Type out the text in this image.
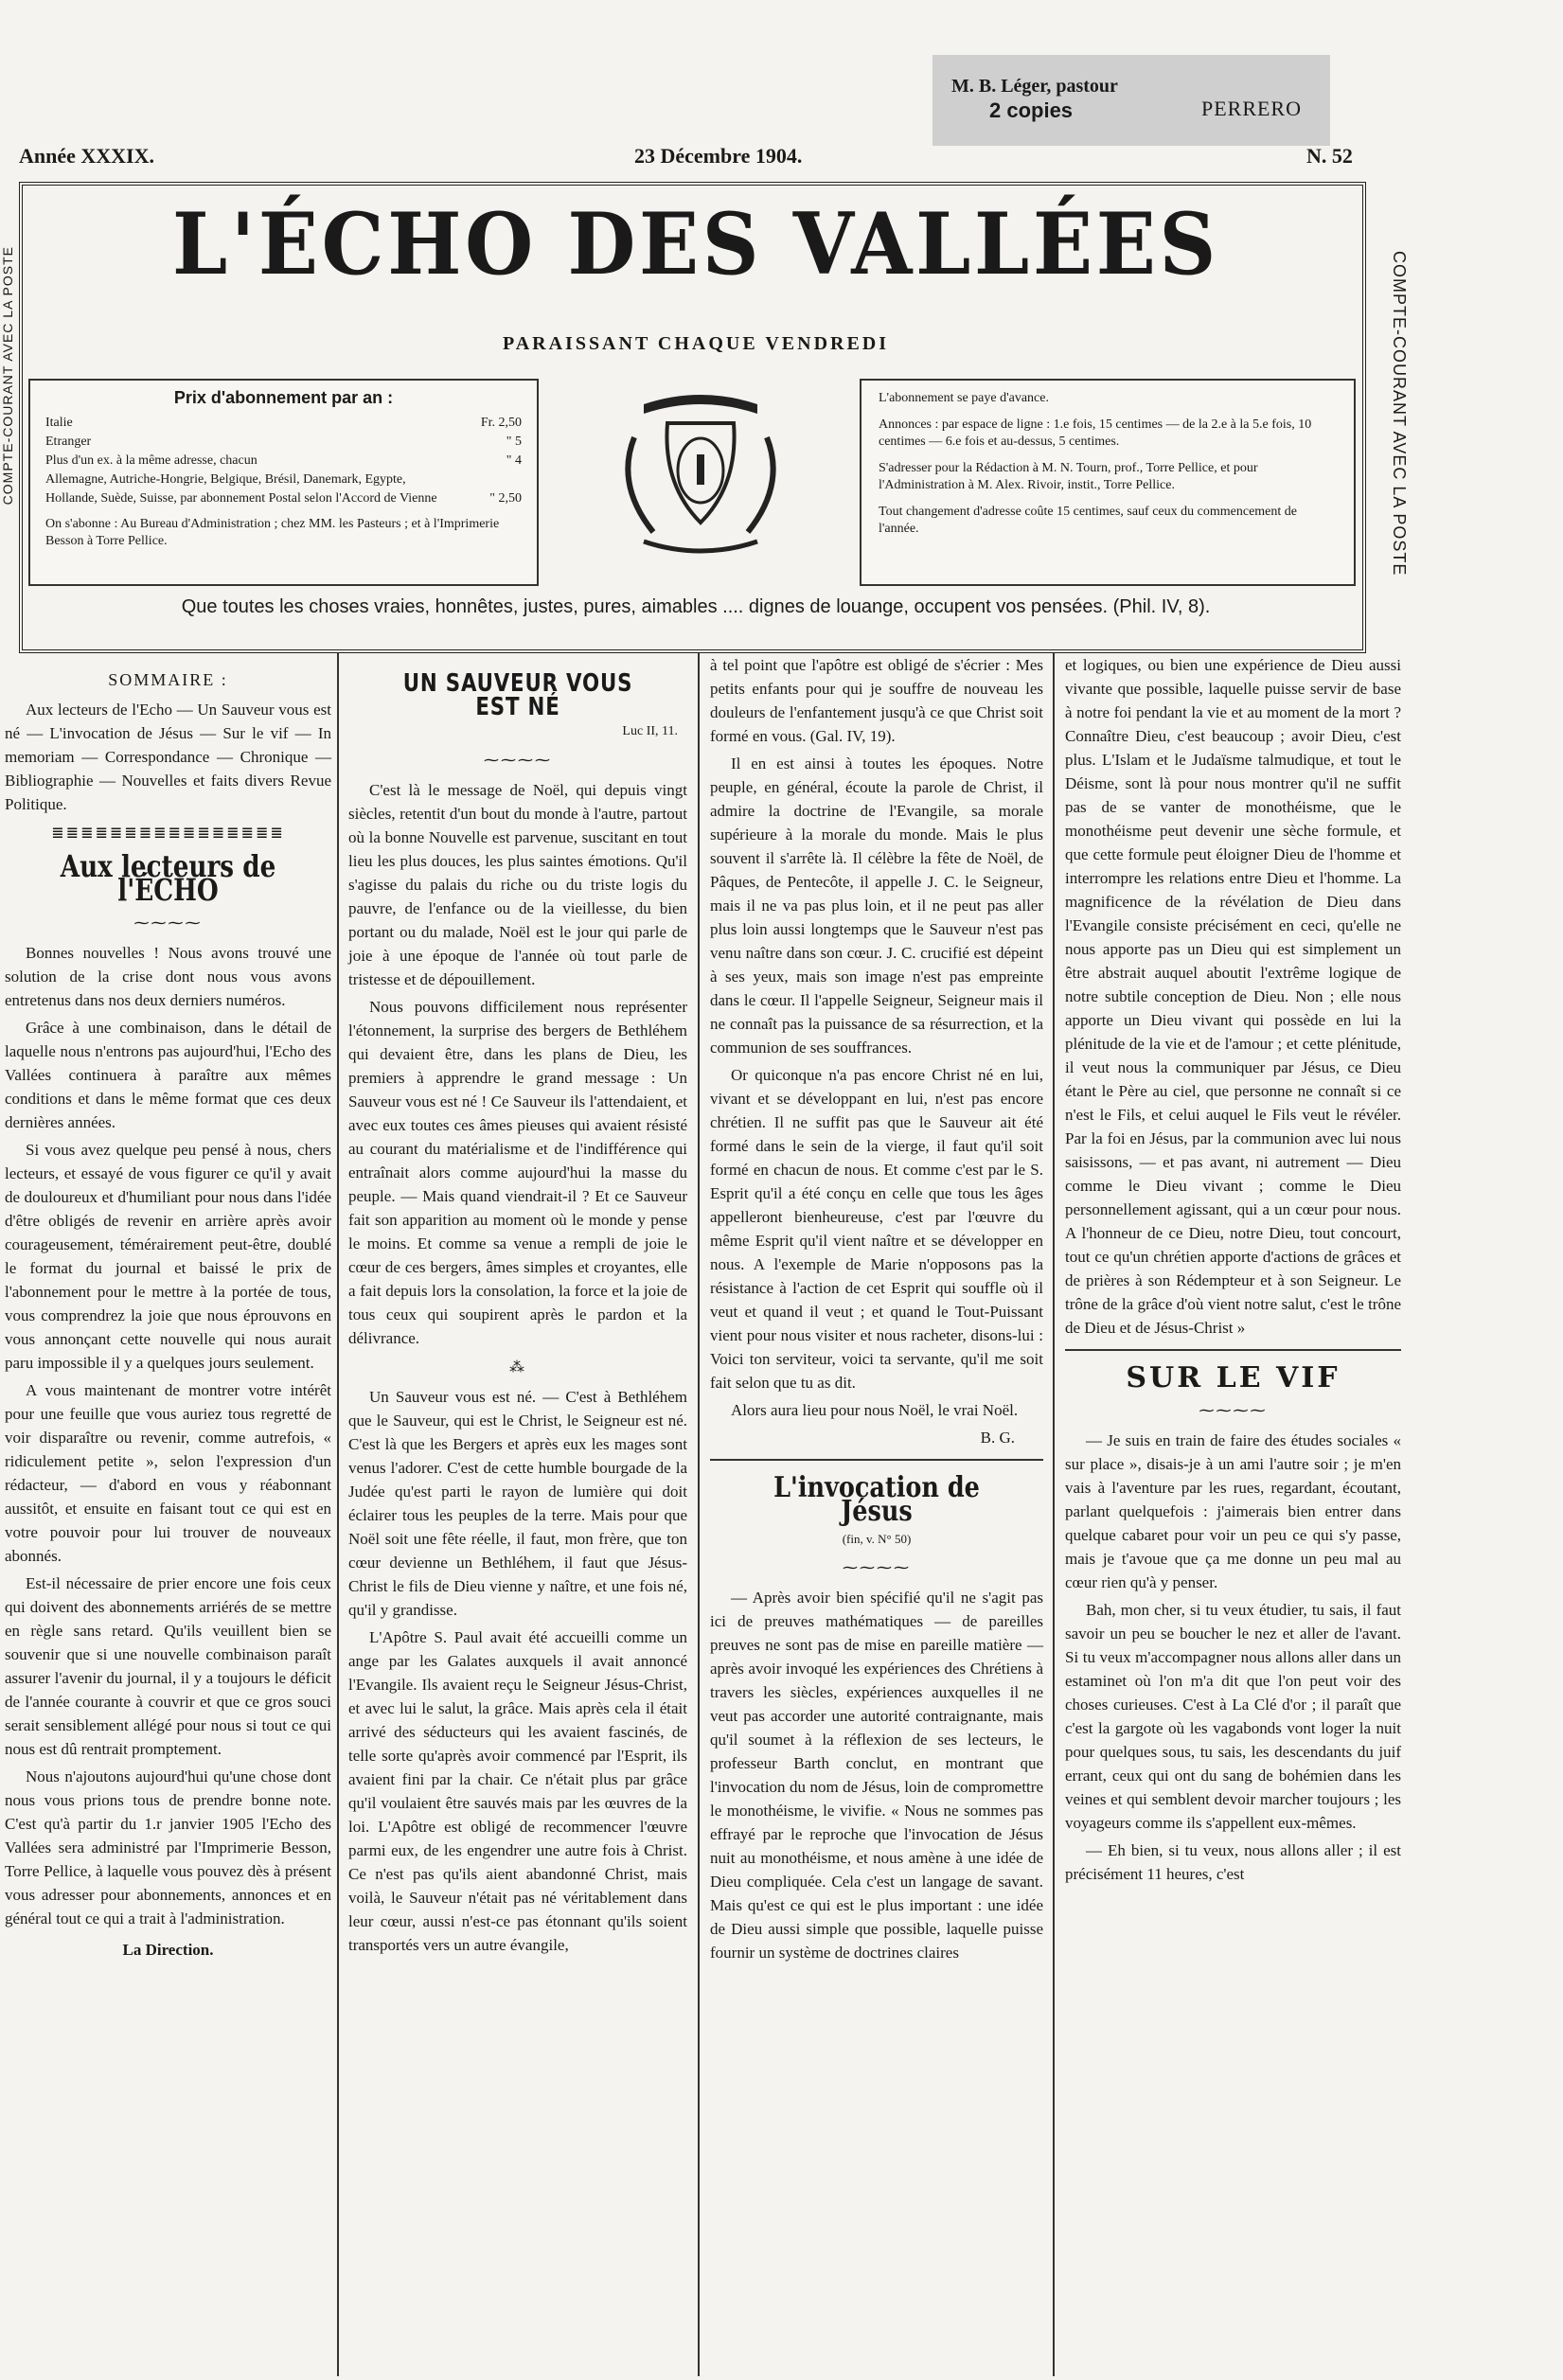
M. B. Léger, pastour
2 copies	PERRERO
Année XXXIX.	23 Décembre 1904.	N. 52
COMPTE-COURANT AVEC LA POSTE	COMPTE-COURANT AVEC LA POSTE
L'ÉCHO DES VALLÉES
PARAISSANT CHAQUE VENDREDI
Prix d'abonnement par an :
Italie	Fr. 2,50
Etranger	" 5
Plus d'un ex. à la même adresse, chacun	" 4
Allemagne, Autriche-Hongrie, Belgique, Brésil, Danemark, Egypte, Hollande, Suède, Suisse, par abonnement Postal selon l'Accord de Vienne	" 2,50
On s'abonne : Au Bureau d'Administration ; chez MM. les Pasteurs ; et à l'Imprimerie Besson à Torre Pellice.
L'abonnement se paye d'avance.
Annonces : par espace de ligne : 1.e fois, 15 centimes — de la 2.e à la 5.e fois, 10 centimes — 6.e fois et au-dessus, 5 centimes.
S'adresser pour la Rédaction à M. N. Tourn, prof., Torre Pellice, et pour l'Administration à M. Alex. Rivoir, instit., Torre Pellice.
Tout changement d'adresse coûte 15 centimes, sauf ceux du commencement de l'année.
Que toutes les choses vraies, honnêtes, justes, pures, aimables .... dignes de louange, occupent vos pensées. (Phil. IV, 8).
SOMMAIRE :

Aux lecteurs de l'Echo — Un Sauveur vous est né — L'invocation de Jésus — Sur le vif — In memoriam — Correspondance — Chronique — Bibliographie — Nouvelles et faits divers Revue Politique.

≣≣≣≣≣≣≣≣≣≣≣≣≣≣≣≣
Aux lecteurs de l'ÉCHO
⁓⁓⁓⁓

Bonnes nouvelles ! Nous avons trouvé une solution de la crise dont nous vous avons entretenus dans nos deux derniers numéros.

Grâce à une combinaison, dans le détail de laquelle nous n'entrons pas aujourd'hui, l'Echo des Vallées continuera à paraître aux mêmes conditions et dans le même format que ces deux dernières années.

Si vous avez quelque peu pensé à nous, chers lecteurs, et essayé de vous figurer ce qu'il y avait de douloureux et d'humiliant pour nous dans l'idée d'être obligés de revenir en arrière après avoir courageusement, témérairement peut-être, doublé le format du journal et baissé le prix de l'abonnement pour le mettre à la portée de tous, vous comprendrez la joie que nous éprouvons en vous annonçant cette nouvelle qui nous aurait paru impossible il y a quelques jours seulement.

A vous maintenant de montrer votre intérêt pour une feuille que vous auriez tous regretté de voir disparaître ou revenir, comme autrefois, « ridiculement petite », selon l'expression d'un rédacteur, — d'abord en vous y réabonnant aussitôt, et ensuite en faisant tout ce qui est en votre pouvoir pour lui trouver de nouveaux abonnés.

Est-il nécessaire de prier encore une fois ceux qui doivent des abonnements arriérés de se mettre en règle sans retard. Qu'ils veuillent bien se souvenir que si une nouvelle combinaison paraît assurer l'avenir du journal, il y a toujours le déficit de l'année courante à couvrir et que ce gros souci serait sensiblement allégé pour nous si tout ce qui nous est dû rentrait promptement.

Nous n'ajoutons aujourd'hui qu'une chose dont nous vous prions tous de prendre bonne note. C'est qu'à partir du 1.r janvier 1905 l'Echo des Vallées sera administré par l'Imprimerie Besson, Torre Pellice, à laquelle vous pouvez dès à présent vous adresser pour abonnements, annonces et en général tout ce qui a trait à l'administration.

La Direction.
UN SAUVEUR VOUS EST NÉ
Luc II, 11.
⁓⁓⁓⁓

C'est là le message de Noël, qui depuis vingt siècles, retentit d'un bout du monde à l'autre, partout où la bonne Nouvelle est parvenue, suscitant en tout lieu les plus douces, les plus saintes émotions. Qu'il s'agisse du palais du riche ou du triste logis du pauvre, de l'enfance ou de la vieillesse, du bien portant ou du malade, Noël est le jour qui parle de joie à une époque de l'année où tout parle de tristesse et de dépouillement.

Nous pouvons difficilement nous représenter l'étonnement, la surprise des bergers de Bethléhem qui devaient être, dans les plans de Dieu, les premiers à apprendre le grand message : Un Sauveur vous est né ! Ce Sauveur ils l'attendaient, et avec eux toutes ces âmes pieuses qui avaient résisté au courant du matérialisme et de l'indifférence qui entraînait alors comme aujourd'hui la masse du peuple. — Mais quand viendrait-il ? Et ce Sauveur fait son apparition au moment où le monde y pense le moins. Et comme sa venue a rempli de joie le cœur de ces bergers, âmes simples et croyantes, elle a fait depuis lors la consolation, la force et la joie de tous ceux qui soupirent après le pardon et la délivrance.

⁂

Un Sauveur vous est né. — C'est à Bethléhem que le Sauveur, qui est le Christ, le Seigneur est né. C'est là que les Bergers et après eux les mages sont venus l'adorer. C'est de cette humble bourgade de la Judée qu'est parti le rayon de lumière qui doit éclairer tous les peuples de la terre. Mais pour que Noël soit une fête réelle, il faut, mon frère, que ton cœur devienne un Bethléhem, il faut que Jésus-Christ le fils de Dieu vienne y naître, et une fois né, qu'il y grandisse.

L'Apôtre S. Paul avait été accueilli comme un ange par les Galates auxquels il avait annoncé l'Evangile. Ils avaient reçu le Seigneur Jésus-Christ, et avec lui le salut, la grâce. Mais après cela il était arrivé des séducteurs qui les avaient fascinés, de telle sorte qu'après avoir commencé par l'Esprit, ils avaient fini par la chair. Ce n'était plus par grâce qu'il voulaient être sauvés mais par les œuvres de la loi. L'Apôtre est obligé de recommencer l'œuvre parmi eux, de les engendrer une autre fois à Christ. Ce n'est pas qu'ils aient abandonné Christ, mais voilà, le Sauveur n'était pas né véritablement dans leur cœur, aussi n'est-ce pas étonnant qu'ils soient transportés vers un autre évangile,

à tel point que l'apôtre est obligé de s'écrier : Mes petits enfants pour qui je souffre de nouveau les douleurs de l'enfantement jusqu'à ce que Christ soit formé en vous. (Gal. IV, 19).

Il en est ainsi à toutes les époques. Notre peuple, en général, écoute la parole de Christ, il admire la doctrine de l'Evangile, sa morale supérieure à la morale du monde. Mais le plus souvent il s'arrête là. Il célèbre la fête de Noël, de Pâques, de Pentecôte, il appelle J. C. le Seigneur, mais il ne va pas plus loin, et il ne peut pas aller plus loin aussi longtemps que le Sauveur n'est pas venu naître dans son cœur. J. C. crucifié est dépeint à ses yeux, mais son image n'est pas empreinte dans le cœur. Il l'appelle Seigneur, Seigneur mais il ne connaît pas la puissance de sa résurrection, et la communion de ses souffrances.

Or quiconque n'a pas encore Christ né en lui, vivant et se développant en lui, n'est pas encore chrétien. Il ne suffit pas que le Sauveur ait été formé dans le sein de la vierge, il faut qu'il soit formé en chacun de nous. Et comme c'est par le S. Esprit qu'il a été conçu en celle que tous les âges appelleront bienheureuse, c'est par l'œuvre du même Esprit qu'il vient naître et se développer en nous. A l'exemple de Marie n'opposons pas la résistance à l'action de cet Esprit qui souffle où il veut et quand il veut ; et quand le Tout-Puissant vient pour nous visiter et nous racheter, disons-lui : Voici ton serviteur, voici ta servante, qu'il me soit fait selon que tu as dit.

Alors aura lieu pour nous Noël, le vrai Noël.

B. G.
L'invocation de Jésus
(fin, v. N° 50)
⁓⁓⁓⁓

— Après avoir bien spécifié qu'il ne s'agit pas ici de preuves mathématiques — de pareilles preuves ne sont pas de mise en pareille matière — après avoir invoqué les expériences des Chrétiens à travers les siècles, expériences auxquelles il ne veut pas accorder une autorité contraignante, mais qu'il soumet à la réflexion de ses lecteurs, le professeur Barth conclut, en montrant que l'invocation du nom de Jésus, loin de compromettre le monothéisme, le vivifie. « Nous ne sommes pas effrayé par le reproche que l'invocation de Jésus nuit au monothéisme, et nous amène à une idée de Dieu compliquée. Cela c'est un langage de savant. Mais qu'est ce qui est le plus important : une idée de Dieu aussi simple que possible, laquelle puisse fournir un système de doctrines claires

et logiques, ou bien une expérience de Dieu aussi vivante que possible, laquelle puisse servir de base à notre foi pendant la vie et au moment de la mort ? Connaître Dieu, c'est beaucoup ; avoir Dieu, c'est plus. L'Islam et le Judaïsme talmudique, et tout le Déisme, sont là pour nous montrer qu'il ne suffit pas de se vanter de monothéisme, que le monothéisme peut devenir une sèche formule, et que cette formule peut éloigner Dieu de l'homme et interrompre les relations entre Dieu et l'homme. La magnificence de la révélation de Dieu dans l'Evangile consiste précisément en ceci, qu'elle ne nous apporte pas un Dieu qui est simplement un être abstrait auquel aboutit l'extrême logique de notre subtile conception de Dieu. Non ; elle nous apporte un Dieu vivant qui possède en lui la plénitude de la vie et de l'amour ; et cette plénitude, il veut nous la communiquer par Jésus, ce Dieu étant le Père au ciel, que personne ne connaît si ce n'est le Fils, et celui auquel le Fils veut le révéler. Par la foi en Jésus, par la communion avec lui nous saisissons, — et pas avant, ni autrement — Dieu comme le Dieu vivant ; comme le Dieu personnellement agissant, qui a un cœur pour nous. A l'honneur de ce Dieu, notre Dieu, tout concourt, tout ce qu'un chrétien apporte d'actions de grâces et de prières à son Rédempteur et à son Seigneur. Le trône de la grâce d'où vient notre salut, c'est le trône de Dieu et de Jésus-Christ »

SUR LE VIF
⁓⁓⁓⁓

— Je suis en train de faire des études sociales « sur place », disais-je à un ami l'autre soir ; je m'en vais à l'aventure par les rues, regardant, écoutant, parlant quelquefois : j'aimerais bien entrer dans quelque cabaret pour voir un peu ce qui s'y passe, mais je t'avoue que ça me donne un peu mal au cœur rien qu'à y penser.

Bah, mon cher, si tu veux étudier, tu sais, il faut savoir un peu se boucher le nez et aller de l'avant. Si tu veux m'accompagner nous allons aller dans un estaminet où l'on m'a dit que l'on peut voir des choses curieuses. C'est à La Clé d'or ; il paraît que c'est la gargote où les vagabonds vont loger la nuit pour quelques sous, tu sais, les descendants du juif errant, ceux qui ont du sang de bohémien dans les veines et qui semblent devoir marcher toujours ; les voyageurs comme ils s'appellent eux-mêmes.

— Eh bien, si tu veux, nous allons aller ; il est précisément 11 heures, c'est
